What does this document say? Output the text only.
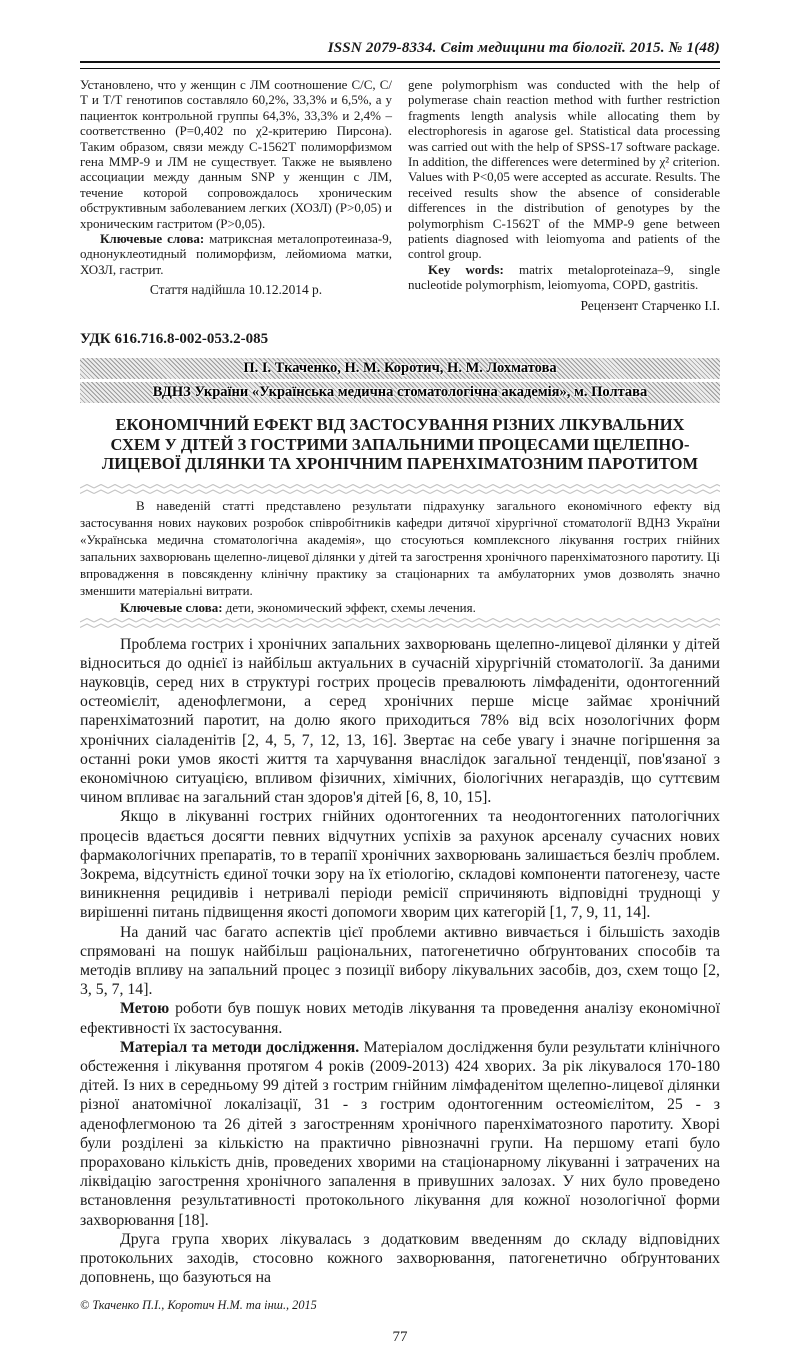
ISSN 2079-8334. Світ медицини та біології. 2015. № 1(48)

Установлено, что у женщин с ЛМ соотношение С/С, С/Т и Т/Т генотипов составляло 60,2%, 33,3% и 6,5%, а у пациенток контрольной группы 64,3%, 33,3% и 2,4% – соответственно (Р=0,402 по χ2-критерию Пирсона). Таким образом, связи между С-1562Т полиморфизмом гена ММР-9 и ЛМ не существует. Также не выявлено ассоциации между данным SNP у женщин с ЛМ, течение которой сопровождалось хроническим обструктивным заболеванием легких (ХОЗЛ) (Р>0,05) и хроническим гастритом (Р>0,05).

Ключевые слова: матриксная металопротеиназа-9, однонуклеотидный полиморфизм, лейомиома матки, ХОЗЛ, гастрит.

Стаття надійшла 10.12.2014 р.

gene polymorphism was conducted with the help of polymerase chain reaction method with further restriction fragments length analysis while allocating them by electrophoresis in agarose gel. Statistical data processing was carried out with the help of SPSS-17 software package. In addition, the differences were determined by χ² criterion. Values with P<0,05 were accepted as accurate. Results. The received results show the absence of considerable differences in the distribution of genotypes by the polymorphism C-1562T of the MMP-9 gene between patients diagnosed with leiomyoma and patients of the control group.

Key words: matrix metaloproteinaza–9, single nucleotide polymorphism, leiomyoma, COPD, gastritis.

Рецензент Старченко І.І.
УДК 616.716.8-002-053.2-085
П. І. Ткаченко, Н. М. Коротич, Н. М. Лохматова
ВДНЗ України «Українська медична стоматологічна академія», м. Полтава
ЕКОНОМІЧНИЙ ЕФЕКТ ВІД ЗАСТОСУВАННЯ РІЗНИХ ЛІКУВАЛЬНИХ СХЕМ У ДІТЕЙ З ГОСТРИМИ ЗАПАЛЬНИМИ ПРОЦЕСАМИ ЩЕЛЕПНО-ЛИЦЕВОЇ ДІЛЯНКИ ТА ХРОНІЧНИМ ПАРЕНХІМАТОЗНИМ ПАРОТИТОМ

В наведеній статті представлено результати підрахунку загального економічного ефекту від застосування нових наукових розробок співробітників кафедри дитячої хірургічної стоматології ВДНЗ України «Українська медична стоматологічна академія», що стосуються комплексного лікування гострих гнійних запальних захворювань щелепно-лицевої ділянки у дітей та загострення хронічного паренхіматозного паротиту. Ці впровадження в повсякденну клінічну практику за стаціонарних та амбулаторних умов дозволять значно зменшити матеріальні витрати.

Ключевые слова: дети, экономический эффект, схемы лечения.

Проблема гострих і хронічних запальних захворювань щелепно-лицевої ділянки у дітей відноситься до однієї із найбільш актуальних в сучасній хірургічній стоматології. За даними науковців, серед них в структурі гострих процесів превалюють лімфаденіти, одонтогенний остеомієліт, аденофлегмони, а серед хронічних перше місце займає хронічний паренхіматозний паротит, на долю якого приходиться 78% від всіх нозологічних форм хронічних сіаладенітів [2, 4, 5, 7, 12, 13, 16]. Звертає на себе увагу і значне погіршення за останні роки умов якості життя та харчування внаслідок загальної тенденції, пов'язаної з економічною ситуацією, впливом фізичних, хімічних, біологічних негараздів, що суттєвим чином впливає на загальний стан здоров'я дітей [6, 8, 10, 15].

Якщо в лікуванні гострих гнійних одонтогенних та неодонтогенних патологічних процесів вдається досягти певних відчутних успіхів за рахунок арсеналу сучасних нових фармакологічних препаратів, то в терапії хронічних захворювань залишається безліч проблем. Зокрема, відсутність єдиної точки зору на їх етіологію, складові компоненти патогенезу, часте виникнення рецидивів і нетривалі періоди ремісії спричиняють відповідні труднощі у вирішенні питань підвищення якості допомоги хворим цих категорій [1, 7, 9, 11, 14].

На даний час багато аспектів цієї проблеми активно вивчається і більшість заходів спрямовані на пошук найбільш раціональних, патогенетично обґрунтованих способів та методів впливу на запальний процес з позиції вибору лікувальних засобів, доз, схем тощо [2, 3, 5, 7, 14].

Метою роботи був пошук нових методів лікування та проведення аналізу економічної ефективності їх застосування.

Матеріал та методи дослідження. Матеріалом дослідження були результати клінічного обстеження і лікування протягом 4 років (2009-2013) 424 хворих. За рік лікувалося 170-180 дітей. Із них в середньому 99 дітей з гострим гнійним лімфаденітом щелепно-лицевої ділянки різної анатомічної локалізації, 31 - з гострим одонтогенним остеомієлітом, 25 - з аденофлегмоною та 26 дітей з загостренням хронічного паренхіматозного паротиту. Хворі були розділені за кількістю на практично рівнозначні групи. На першому етапі було прораховано кількість днів, проведених хворими на стаціонарному лікуванні і затрачених на ліквідацію загострення хронічного запалення в привушних залозах. У них було проведено встановлення результативності протокольного лікування для кожної нозологічної форми захворювання [18].

Друга група хворих лікувалась з додатковим введенням до складу відповідних протокольних заходів, стосовно кожного захворювання, патогенетично обґрунтованих доповнень, що базуються на

© Ткаченко П.І., Коротич Н.М. та інш., 2015
77
